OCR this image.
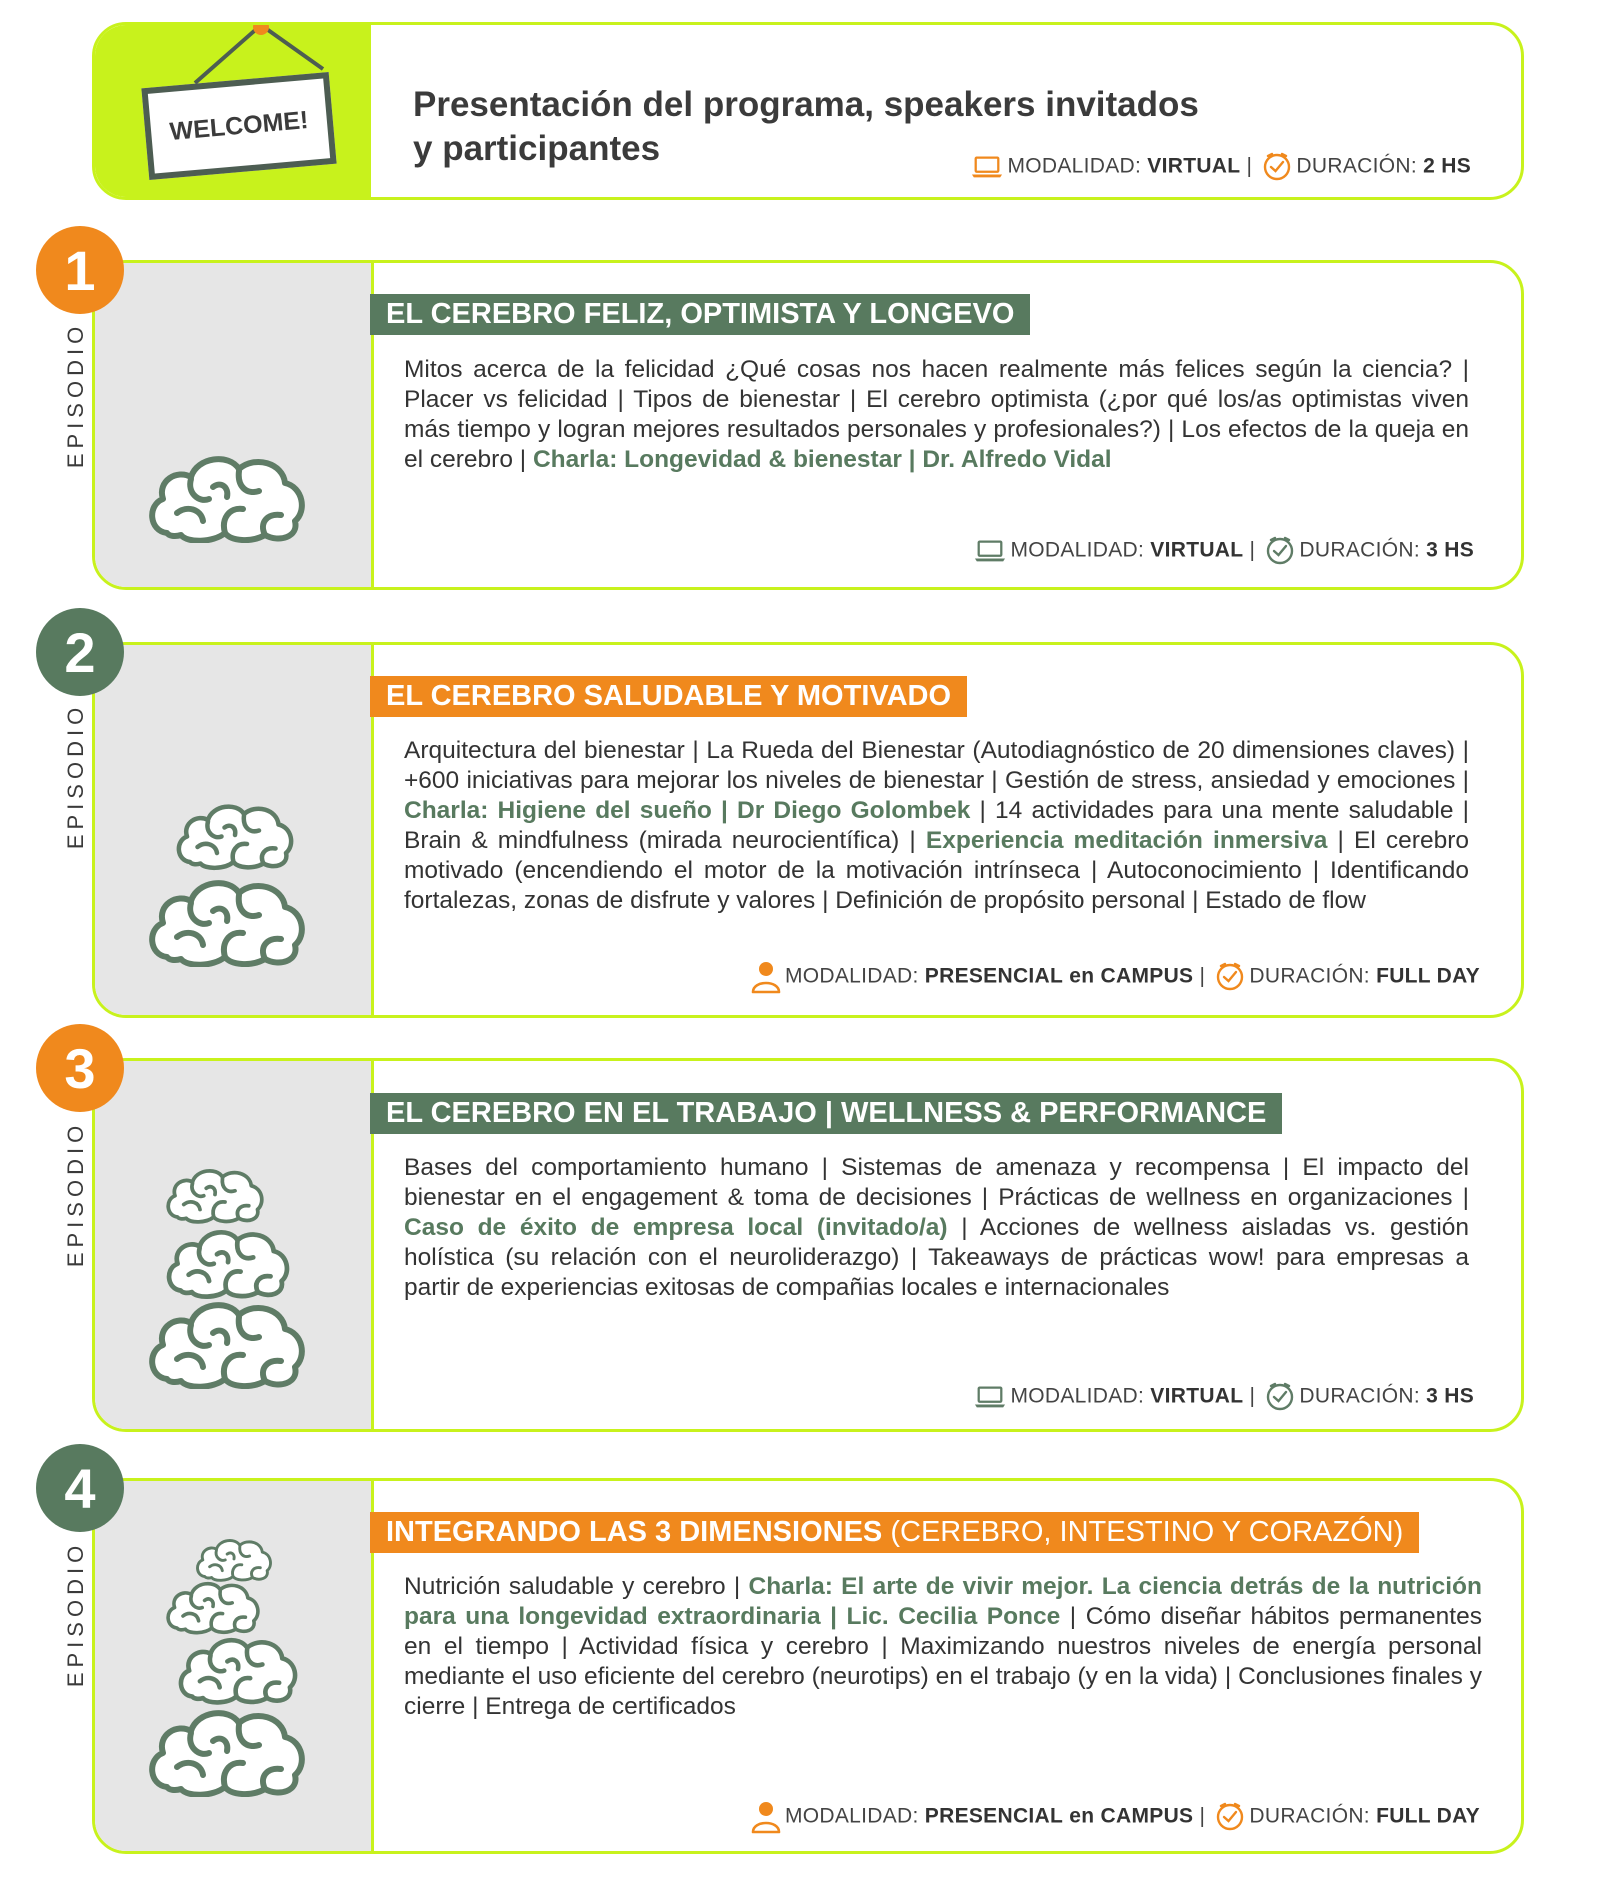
WELCOME!
Presentación del programa, speakers invitados
y participantes	MODALIDAD: VIRTUAL | DURACIÓN: 2 HS
1
EPISODIO
EL CEREBRO FELIZ, OPTIMISTA Y LONGEVO
Mitos acerca de la felicidad ¿Qué cosas nos hacen realmente más felices según la ciencia? | Placer vs felicidad | Tipos de bienestar | El cerebro optimista (¿por qué los/as optimistas viven más tiempo y logran mejores resultados personales y profesionales?) | Los efectos de la queja en el cerebro | Charla: Longevidad & bienestar | Dr. Alfredo Vidal
MODALIDAD: VIRTUAL | DURACIÓN: 3 HS
2
EPISODIO
EL CEREBRO SALUDABLE Y MOTIVADO
Arquitectura del bienestar | La Rueda del Bienestar (Autodiagnóstico de 20 dimensiones claves) | +600 iniciativas para mejorar los niveles de bienestar | Gestión de stress, ansiedad y emociones | Charla: Higiene del sueño | Dr Diego Golombek | 14 actividades para una mente saludable | Brain & mindfulness (mirada neurocientífica) | Experiencia meditación inmersiva | El cerebro motivado (encendiendo el motor de la motivación intrínseca | Autoconocimiento | Identificando fortalezas, zonas de disfrute y valores | Definición de propósito personal | Estado de flow
MODALIDAD: PRESENCIAL en CAMPUS | DURACIÓN: FULL DAY
3
EPISODIO
EL CEREBRO EN EL TRABAJO | WELLNESS & PERFORMANCE
Bases del comportamiento humano | Sistemas de amenaza y recompensa | El impacto del bienestar en el engagement & toma de decisiones | Prácticas de wellness en organizaciones | Caso de éxito de empresa local (invitado/a) | Acciones de wellness aisladas vs. gestión holística (su relación con el neuroliderazgo) | Takeaways de prácticas wow! para empresas a partir de experiencias exitosas de compañias locales e internacionales
MODALIDAD: VIRTUAL | DURACIÓN: 3 HS
4
EPISODIO
INTEGRANDO LAS 3 DIMENSIONES (CEREBRO, INTESTINO Y CORAZÓN)
Nutrición saludable y cerebro | Charla: El arte de vivir mejor. La ciencia detrás de la nutrición para una longevidad extraordinaria | Lic. Cecilia Ponce | Cómo diseñar hábitos permanentes en el tiempo | Actividad física y cerebro | Maximizando nuestros niveles de energía personal mediante el uso eficiente del cerebro (neurotips) en el trabajo (y en la vida) | Conclusiones finales y cierre | Entrega de certificados
MODALIDAD: PRESENCIAL en CAMPUS | DURACIÓN: FULL DAY
